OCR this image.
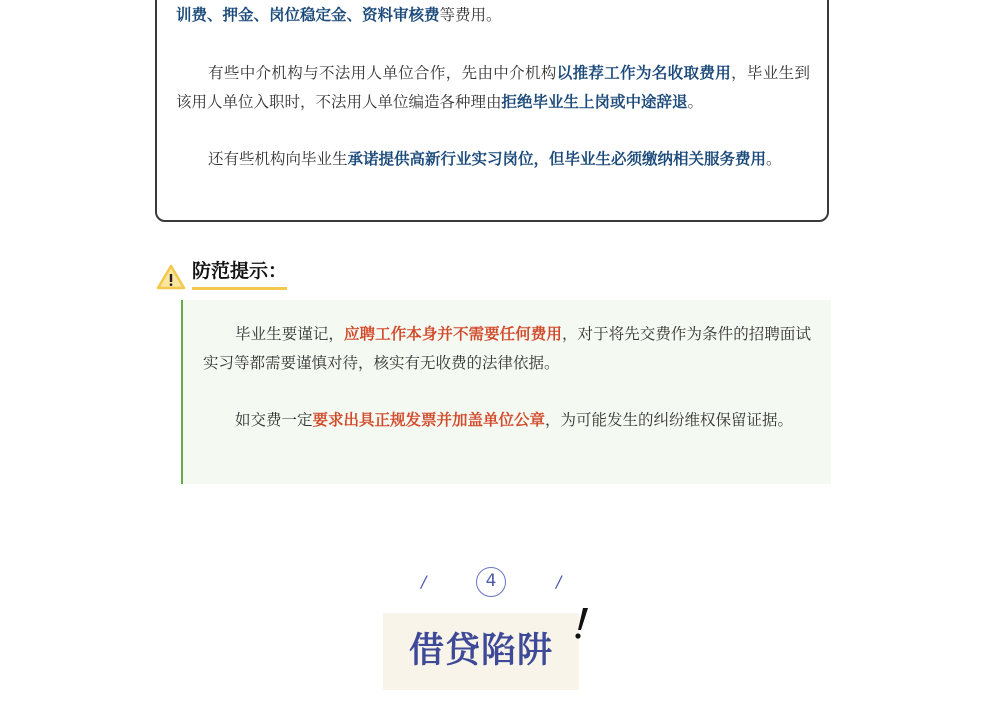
训费、押金、岗位稳定金、资料审核费等费用。

有些中介机构与不法用人单位合作，先由中介机构以推荐工作为名收取费用，毕业生到该用人单位入职时，不法用人单位编造各种理由拒绝毕业生上岗或中途辞退。

还有些机构向毕业生承诺提供高新行业实习岗位，但毕业生必须缴纳相关服务费用。

防范提示：

毕业生要谨记，应聘工作本身并不需要任何费用，对于将先交费作为条件的招聘面试实习等都需要谨慎对待，核实有无收费的法律依据。

如交费一定要求出具正规发票并加盖单位公章，为可能发生的纠纷维权保留证据。

/	4	/
借贷陷阱
